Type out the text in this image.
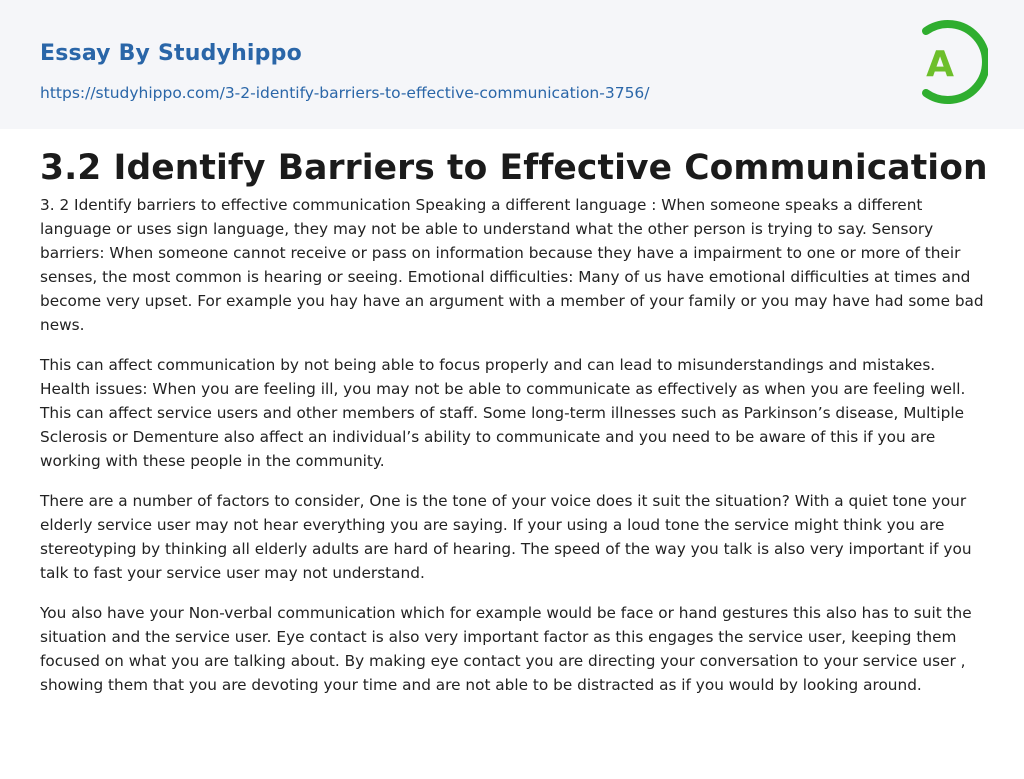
Essay By Studyhippo
https://studyhippo.com/3-2-identify-barriers-to-effective-communication-3756/
A
3.2 Identify Barriers to Effective Communication

3. 2 Identify barriers to effective communication Speaking a different language : When someone speaks a different language or uses sign language, they may not be able to understand what the other person is trying to say. Sensory barriers: When someone cannot receive or pass on information because they have a impairment to one or more of their senses, the most common is hearing or seeing. Emotional difficulties: Many of us have emotional difficulties at times and become very upset. For example you hay have an argument with a member of your family or you may have had some bad news.

This can affect communication by not being able to focus properly and can lead to misunderstandings and mistakes. Health issues: When you are feeling ill, you may not be able to communicate as effectively as when you are feeling well. This can affect service users and other members of staff. Some long-term illnesses such as Parkinson’s disease, Multiple Sclerosis or Dementure also affect an individual’s ability to communicate and you need to be aware of this if you are working with these people in the community.

There are a number of factors to consider, One is the tone of your voice does it suit the situation? With a quiet tone your elderly service user may not hear everything you are saying. If your using a loud tone the service might think you are stereotyping by thinking all elderly adults are hard of hearing. The speed of the way you talk is also very important if you talk to fast your service user may not understand.

You also have your Non-verbal communication which for example would be face or hand gestures this also has to suit the situation and the service user. Eye contact is also very important factor as this engages the service user, keeping them focused on what you are talking about. By making eye contact you are directing your conversation to your service user , showing them that you are devoting your time and are not able to be distracted as if you would by looking around.
